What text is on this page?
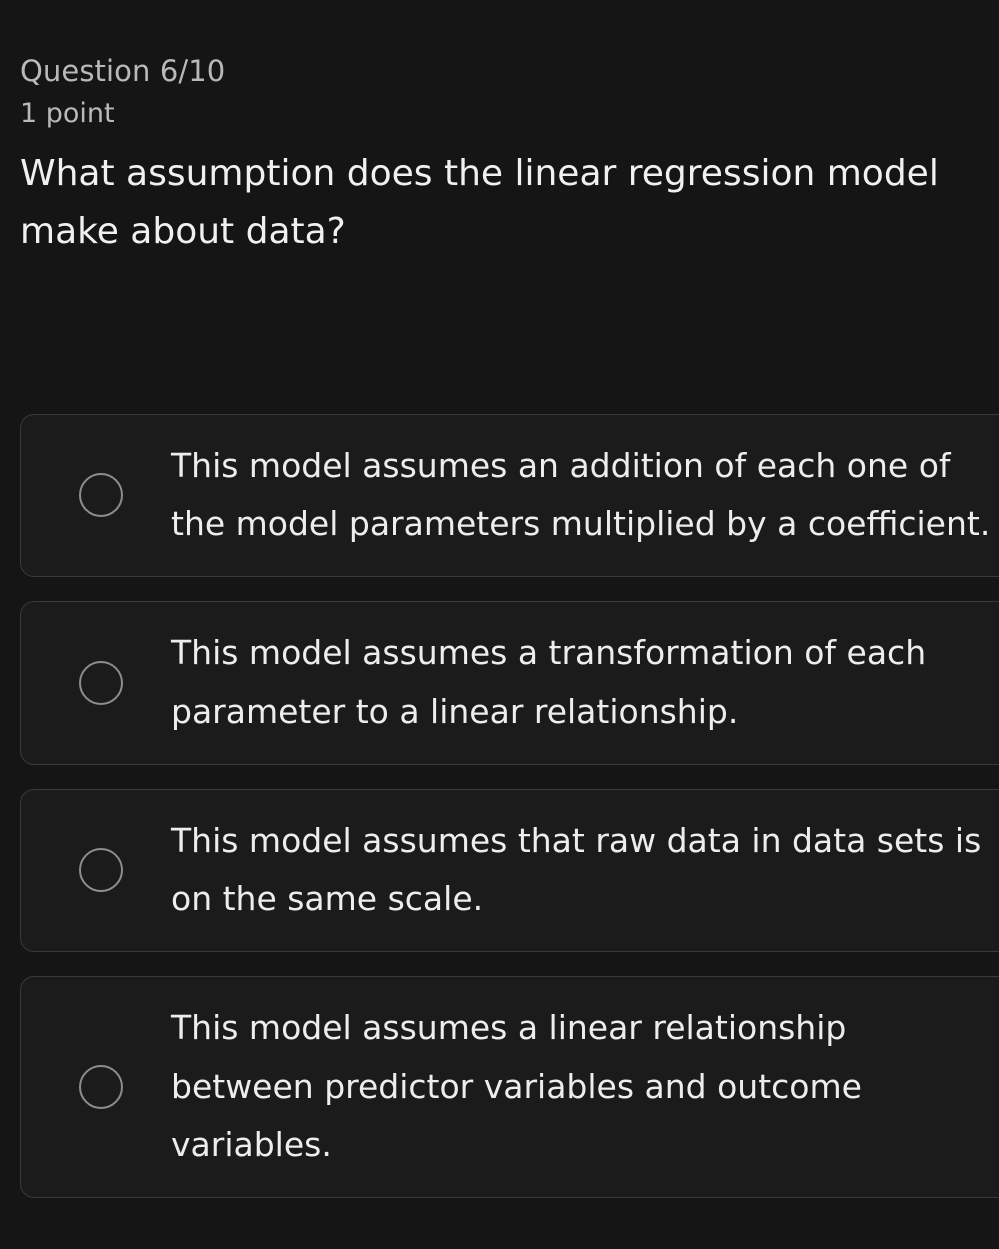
Question 6/10
1 point
What assumption does the linear regression model make about data?
This model assumes an addition of each one of the model parameters multiplied by a coefficient.
This model assumes a transformation of each parameter to a linear relationship.
This model assumes that raw data in data sets is on the same scale.
This model assumes a linear relationship between predictor variables and outcome variables.
